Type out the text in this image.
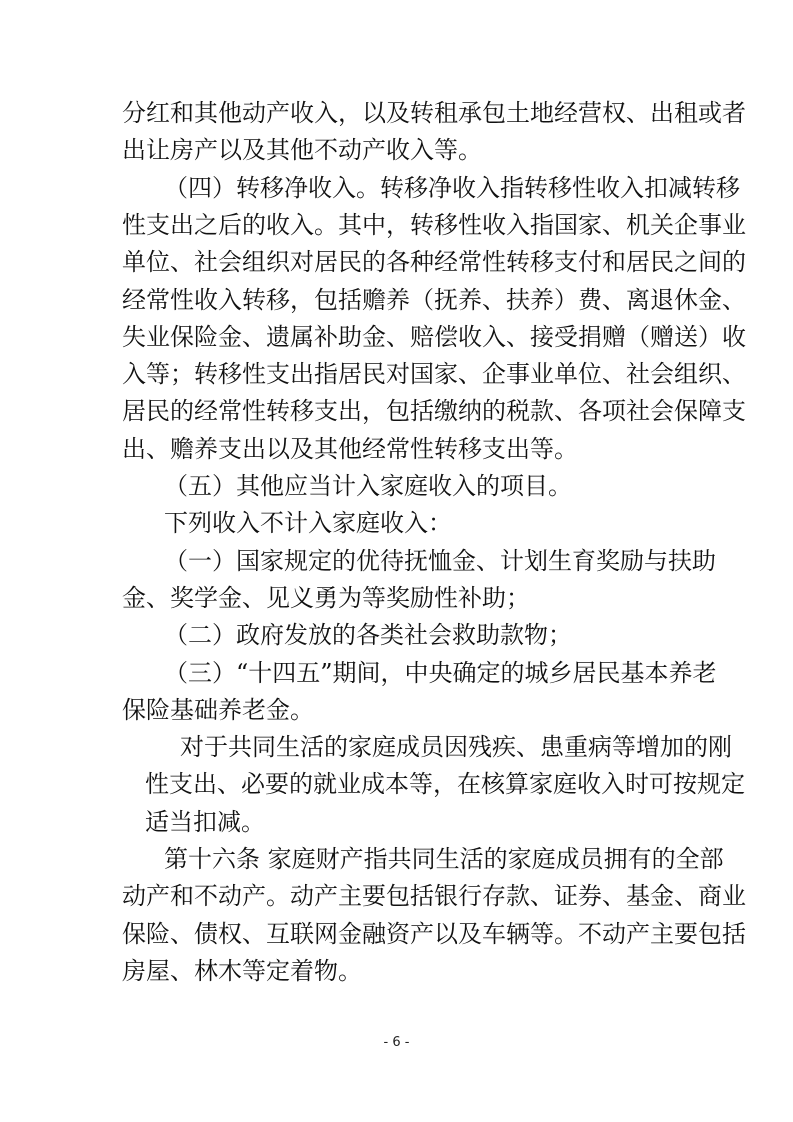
分红和其他动产收入，以及转租承包土地经营权、出租或者
出让房产以及其他不动产收入等。
（四）转移净收入。转移净收入指转移性收入扣减转移
性支出之后的收入。其中，转移性收入指国家、机关企事业
单位、社会组织对居民的各种经常性转移支付和居民之间的
经常性收入转移，包括赡养（抚养、扶养）费、离退休金、
失业保险金、遗属补助金、赔偿收入、接受捐赠（赠送）收
入等；转移性支出指居民对国家、企事业单位、社会组织、
居民的经常性转移支出，包括缴纳的税款、各项社会保障支
出、赡养支出以及其他经常性转移支出等。
（五）其他应当计入家庭收入的项目。
下列收入不计入家庭收入：
（一）国家规定的优待抚恤金、计划生育奖励与扶助
金、奖学金、见义勇为等奖励性补助；
（二）政府发放的各类社会救助款物；
（三）“十四五”期间，中央确定的城乡居民基本养老
保险基础养老金。
对于共同生活的家庭成员因残疾、患重病等增加的刚
性支出、必要的就业成本等，在核算家庭收入时可按规定
适当扣减。
第十六条 家庭财产指共同生活的家庭成员拥有的全部
动产和不动产。动产主要包括银行存款、证券、基金、商业
保险、债权、互联网金融资产以及车辆等。不动产主要包括
房屋、林木等定着物。
- 6 -
